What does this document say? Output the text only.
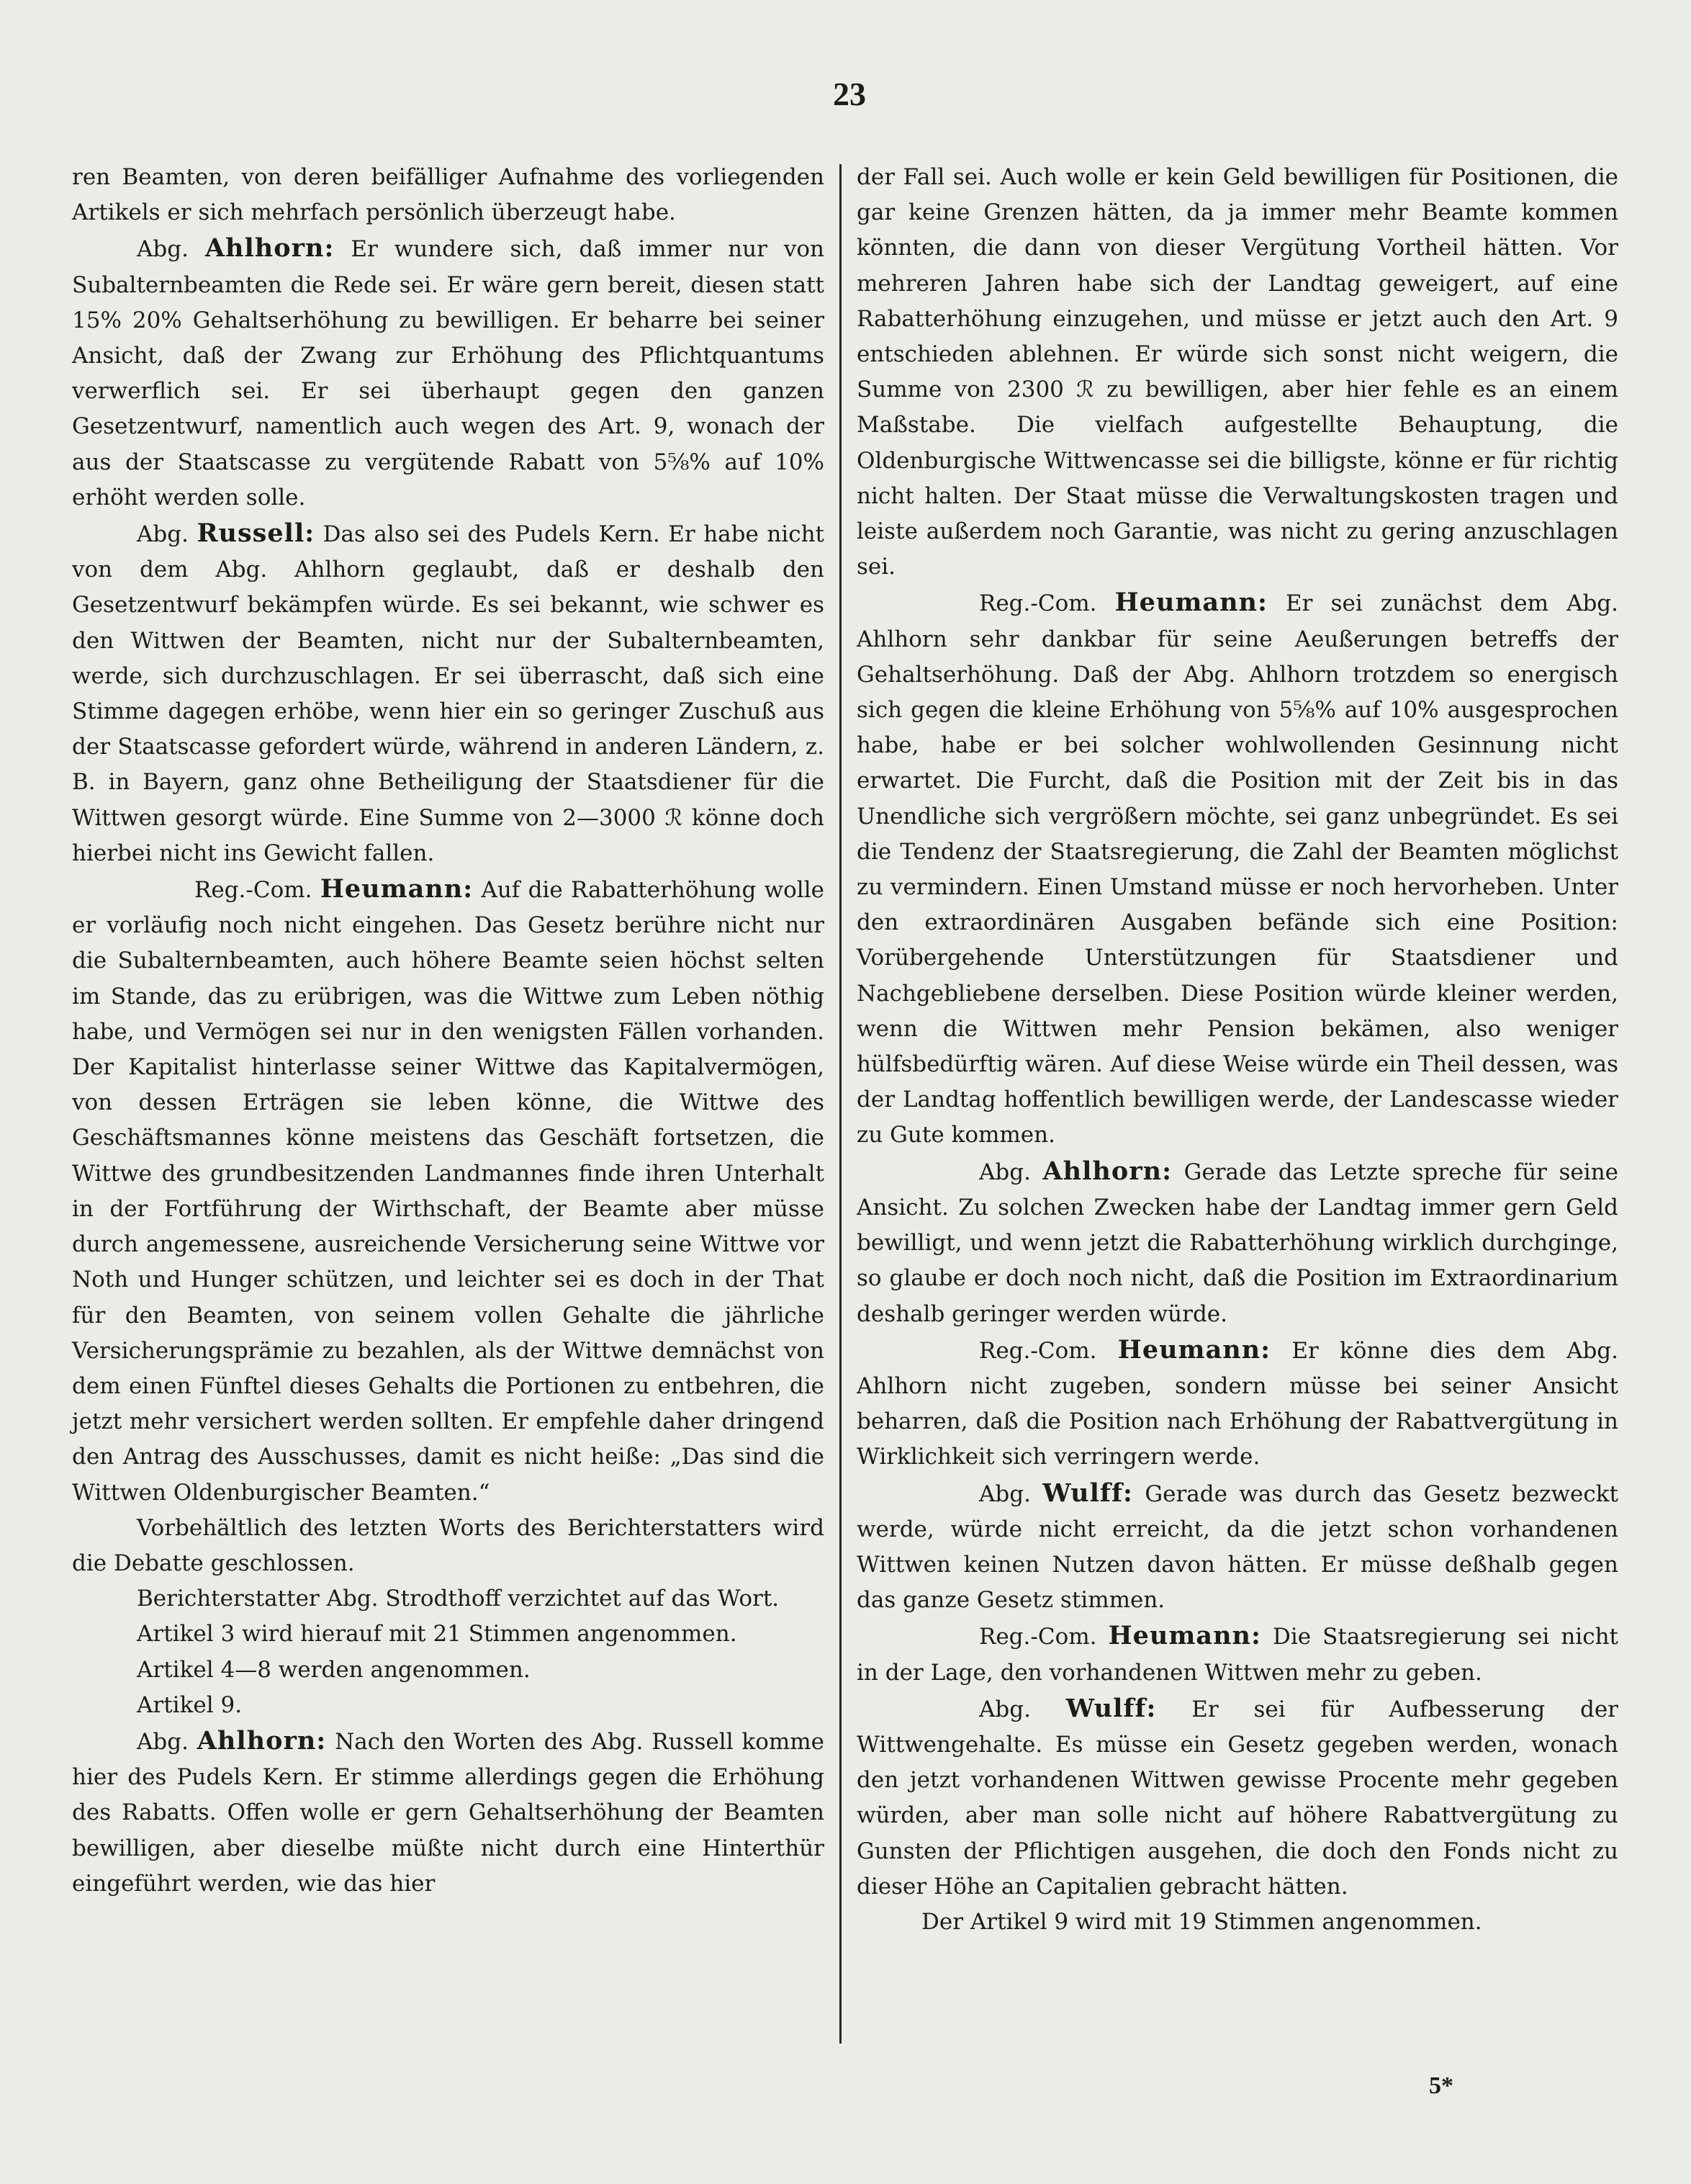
23

ren Beamten, von deren beifälliger Aufnahme des vorliegenden Artikels er sich mehrfach persönlich überzeugt habe.

Abg. Ahlhorn: Er wundere sich, daß immer nur von Subalternbeamten die Rede sei. Er wäre gern bereit, diesen statt 15% 20% Gehaltserhöhung zu bewilligen. Er beharre bei seiner Ansicht, daß der Zwang zur Erhöhung des Pflichtquantums verwerflich sei. Er sei überhaupt gegen den ganzen Gesetzentwurf, namentlich auch wegen des Art. 9, wonach der aus der Staatscasse zu vergütende Rabatt von 5⅝% auf 10% erhöht werden solle.

Abg. Russell: Das also sei des Pudels Kern. Er habe nicht von dem Abg. Ahlhorn geglaubt, daß er deshalb den Gesetzentwurf bekämpfen würde. Es sei bekannt, wie schwer es den Wittwen der Beamten, nicht nur der Subalternbeamten, werde, sich durchzuschlagen. Er sei überrascht, daß sich eine Stimme dagegen erhöbe, wenn hier ein so geringer Zuschuß aus der Staatscasse gefordert würde, während in anderen Ländern, z. B. in Bayern, ganz ohne Betheiligung der Staatsdiener für die Wittwen gesorgt würde. Eine Summe von 2—3000 ℛ könne doch hierbei nicht ins Gewicht fallen.

Reg.-Com. Heumann: Auf die Rabatterhöhung wolle er vorläufig noch nicht eingehen. Das Gesetz berühre nicht nur die Subalternbeamten, auch höhere Beamte seien höchst selten im Stande, das zu erübrigen, was die Wittwe zum Leben nöthig habe, und Vermögen sei nur in den wenigsten Fällen vorhanden. Der Kapitalist hinterlasse seiner Wittwe das Kapitalvermögen, von dessen Erträgen sie leben könne, die Wittwe des Geschäftsmannes könne meistens das Geschäft fortsetzen, die Wittwe des grundbesitzenden Landmannes finde ihren Unterhalt in der Fortführung der Wirthschaft, der Beamte aber müsse durch angemessene, ausreichende Versicherung seine Wittwe vor Noth und Hunger schützen, und leichter sei es doch in der That für den Beamten, von seinem vollen Gehalte die jährliche Versicherungsprämie zu bezahlen, als der Wittwe demnächst von dem einen Fünftel dieses Gehalts die Portionen zu entbehren, die jetzt mehr versichert werden sollten. Er empfehle daher dringend den Antrag des Ausschusses, damit es nicht heiße: „Das sind die Wittwen Oldenburgischer Beamten.“

Vorbehältlich des letzten Worts des Berichterstatters wird die Debatte geschlossen.

Berichterstatter Abg. Strodthoff verzichtet auf das Wort.

Artikel 3 wird hierauf mit 21 Stimmen angenommen.

Artikel 4—8 werden angenommen.

Artikel 9.

Abg. Ahlhorn: Nach den Worten des Abg. Russell komme hier des Pudels Kern. Er stimme allerdings gegen die Erhöhung des Rabatts. Offen wolle er gern Gehaltserhöhung der Beamten bewilligen, aber dieselbe müßte nicht durch eine Hinterthür eingeführt werden, wie das hier

der Fall sei. Auch wolle er kein Geld bewilligen für Positionen, die gar keine Grenzen hätten, da ja immer mehr Beamte kommen könnten, die dann von dieser Vergütung Vortheil hätten. Vor mehreren Jahren habe sich der Landtag geweigert, auf eine Rabatterhöhung einzugehen, und müsse er jetzt auch den Art. 9 entschieden ablehnen. Er würde sich sonst nicht weigern, die Summe von 2300 ℛ zu bewilligen, aber hier fehle es an einem Maßstabe. Die vielfach aufgestellte Behauptung, die Oldenburgische Wittwencasse sei die billigste, könne er für richtig nicht halten. Der Staat müsse die Verwaltungskosten tragen und leiste außerdem noch Garantie, was nicht zu gering anzuschlagen sei.

Reg.-Com. Heumann: Er sei zunächst dem Abg. Ahlhorn sehr dankbar für seine Aeußerungen betreffs der Gehaltserhöhung. Daß der Abg. Ahlhorn trotzdem so energisch sich gegen die kleine Erhöhung von 5⅝% auf 10% ausgesprochen habe, habe er bei solcher wohlwollenden Gesinnung nicht erwartet. Die Furcht, daß die Position mit der Zeit bis in das Unendliche sich vergrößern möchte, sei ganz unbegründet. Es sei die Tendenz der Staatsregierung, die Zahl der Beamten möglichst zu vermindern. Einen Umstand müsse er noch hervorheben. Unter den extraordinären Ausgaben befände sich eine Position: Vorübergehende Unterstützungen für Staatsdiener und Nachgebliebene derselben. Diese Position würde kleiner werden, wenn die Wittwen mehr Pension bekämen, also weniger hülfsbedürftig wären. Auf diese Weise würde ein Theil dessen, was der Landtag hoffentlich bewilligen werde, der Landescasse wieder zu Gute kommen.

Abg. Ahlhorn: Gerade das Letzte spreche für seine Ansicht. Zu solchen Zwecken habe der Landtag immer gern Geld bewilligt, und wenn jetzt die Rabatterhöhung wirklich durchginge, so glaube er doch noch nicht, daß die Position im Extraordinarium deshalb geringer werden würde.

Reg.-Com. Heumann: Er könne dies dem Abg. Ahlhorn nicht zugeben, sondern müsse bei seiner Ansicht beharren, daß die Position nach Erhöhung der Rabattvergütung in Wirklichkeit sich verringern werde.

Abg. Wulff: Gerade was durch das Gesetz bezweckt werde, würde nicht erreicht, da die jetzt schon vorhandenen Wittwen keinen Nutzen davon hätten. Er müsse deßhalb gegen das ganze Gesetz stimmen.

Reg.-Com. Heumann: Die Staatsregierung sei nicht in der Lage, den vorhandenen Wittwen mehr zu geben.

Abg. Wulff: Er sei für Aufbesserung der Wittwengehalte. Es müsse ein Gesetz gegeben werden, wonach den jetzt vorhandenen Wittwen gewisse Procente mehr gegeben würden, aber man solle nicht auf höhere Rabattvergütung zu Gunsten der Pflichtigen ausgehen, die doch den Fonds nicht zu dieser Höhe an Capitalien gebracht hätten.

Der Artikel 9 wird mit 19 Stimmen angenommen.

5*
